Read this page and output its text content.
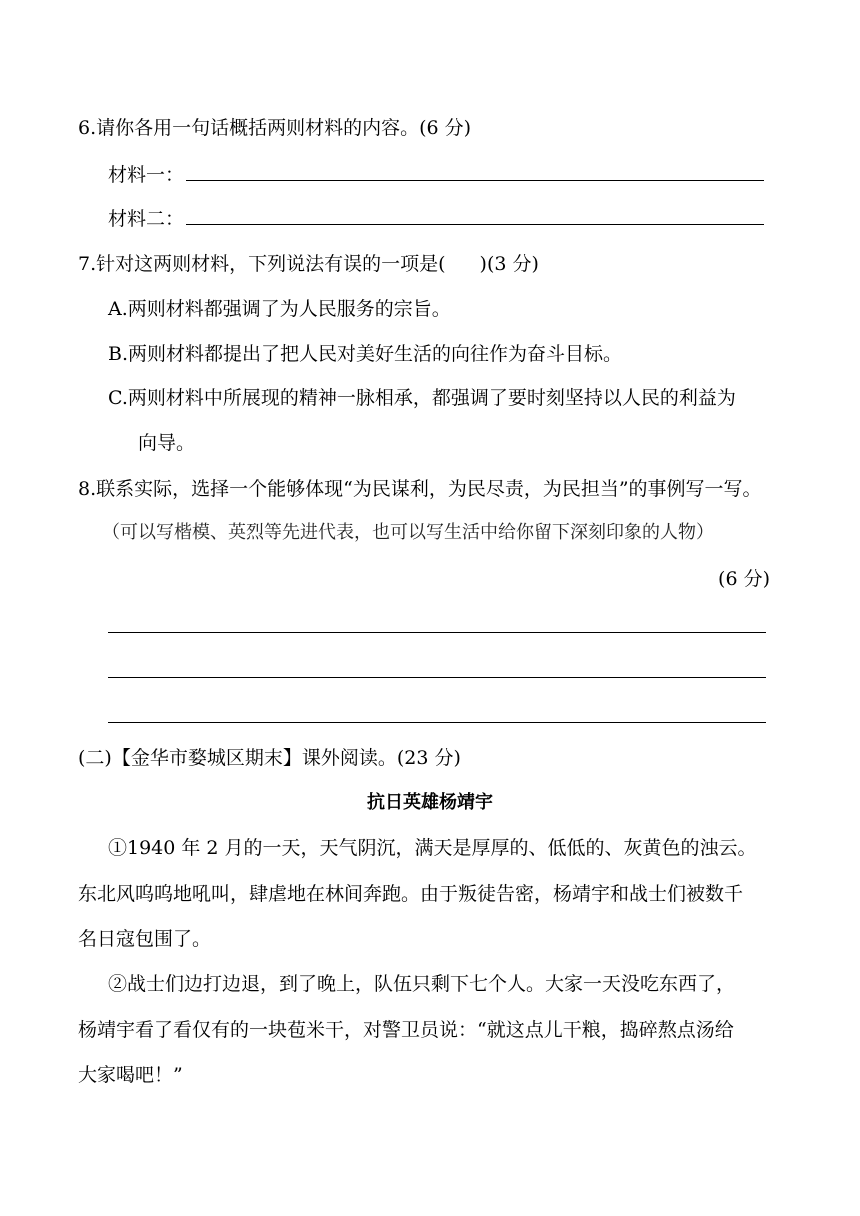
6.请你各用一句话概括两则材料的内容。(6 分)
材料一：
材料二：
7.针对这两则材料，下列说法有误的一项是( )(3 分)
A.两则材料都强调了为人民服务的宗旨。
B.两则材料都提出了把人民对美好生活的向往作为奋斗目标。
C.两则材料中所展现的精神一脉相承，都强调了要时刻坚持以人民的利益为
向导。
8.联系实际，选择一个能够体现“为民谋利，为民尽责，为民担当”的事例写一写。
（可以写楷模、英烈等先进代表，也可以写生活中给你留下深刻印象的人物）
(6 分)
(二)【金华市婺城区期末】课外阅读。(23 分)
抗日英雄杨靖宇
①1940 年 2 月的一天，天气阴沉，满天是厚厚的、低低的、灰黄色的浊云。
东北风呜呜地吼叫，肆虐地在林间奔跑。由于叛徒告密，杨靖宇和战士们被数千
名日寇包围了。
②战士们边打边退，到了晚上，队伍只剩下七个人。大家一天没吃东西了，
杨靖宇看了看仅有的一块苞米干，对警卫员说：“就这点儿干粮，捣碎熬点汤给
大家喝吧！”
